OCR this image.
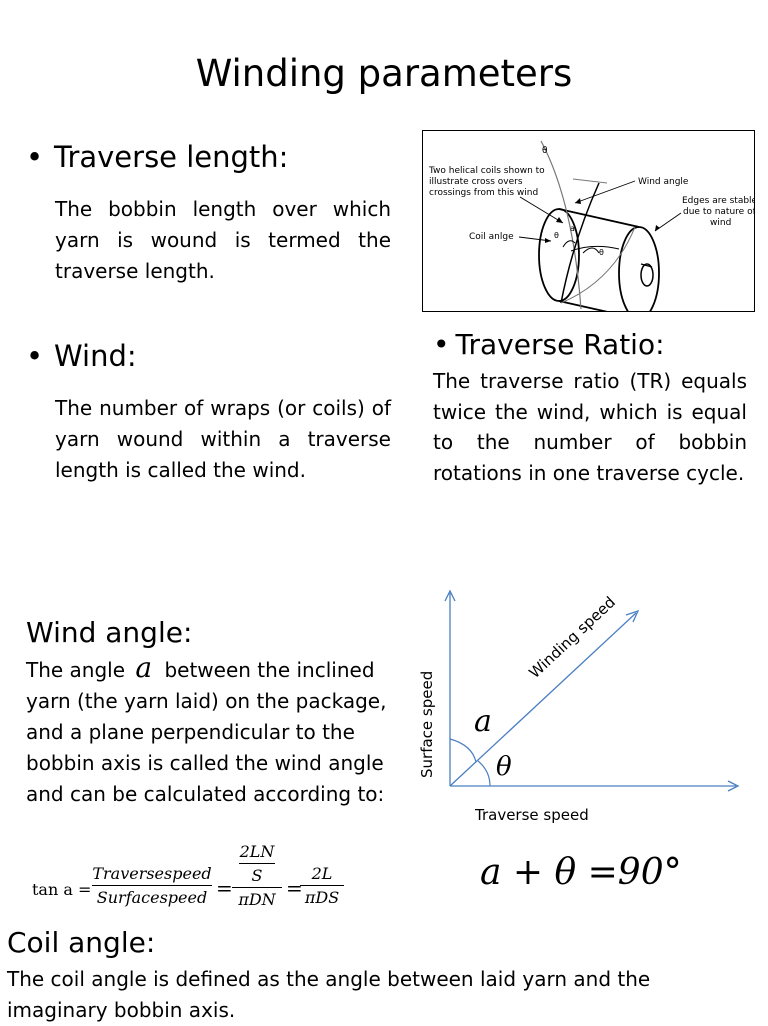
Winding parameters
• Traverse length:
The bobbin length over which yarn is wound is termed the traverse length.
• Wind:
The number of wraps (or coils) of yarn wound within a traverse length is called the wind.
θ
Two helical coils shown to
illustrate cross overs
crossings from this wind
Wind angle
Edges are stable
due to nature of
wind
Coil anlge	θ
a
θ
• Traverse Ratio:
The traverse ratio (TR) equals twice the wind, which is equal to the number of bobbin rotations in one traverse cycle.
Wind angle:
The angle a between the inclined
yarn (the yarn laid) on the package,
and a plane perpendicular to the
bobbin axis is called the wind angle
and can be calculated according to:
a
θ
Winding speed
Surface speed
Traverse speed
tan a =
Traversespeed
Surfacespeed =
2LN
S
πDN =
2L
πDS
a + θ =90°
Coil angle:
The coil angle is defined as the angle between laid yarn and the
imaginary bobbin axis.
